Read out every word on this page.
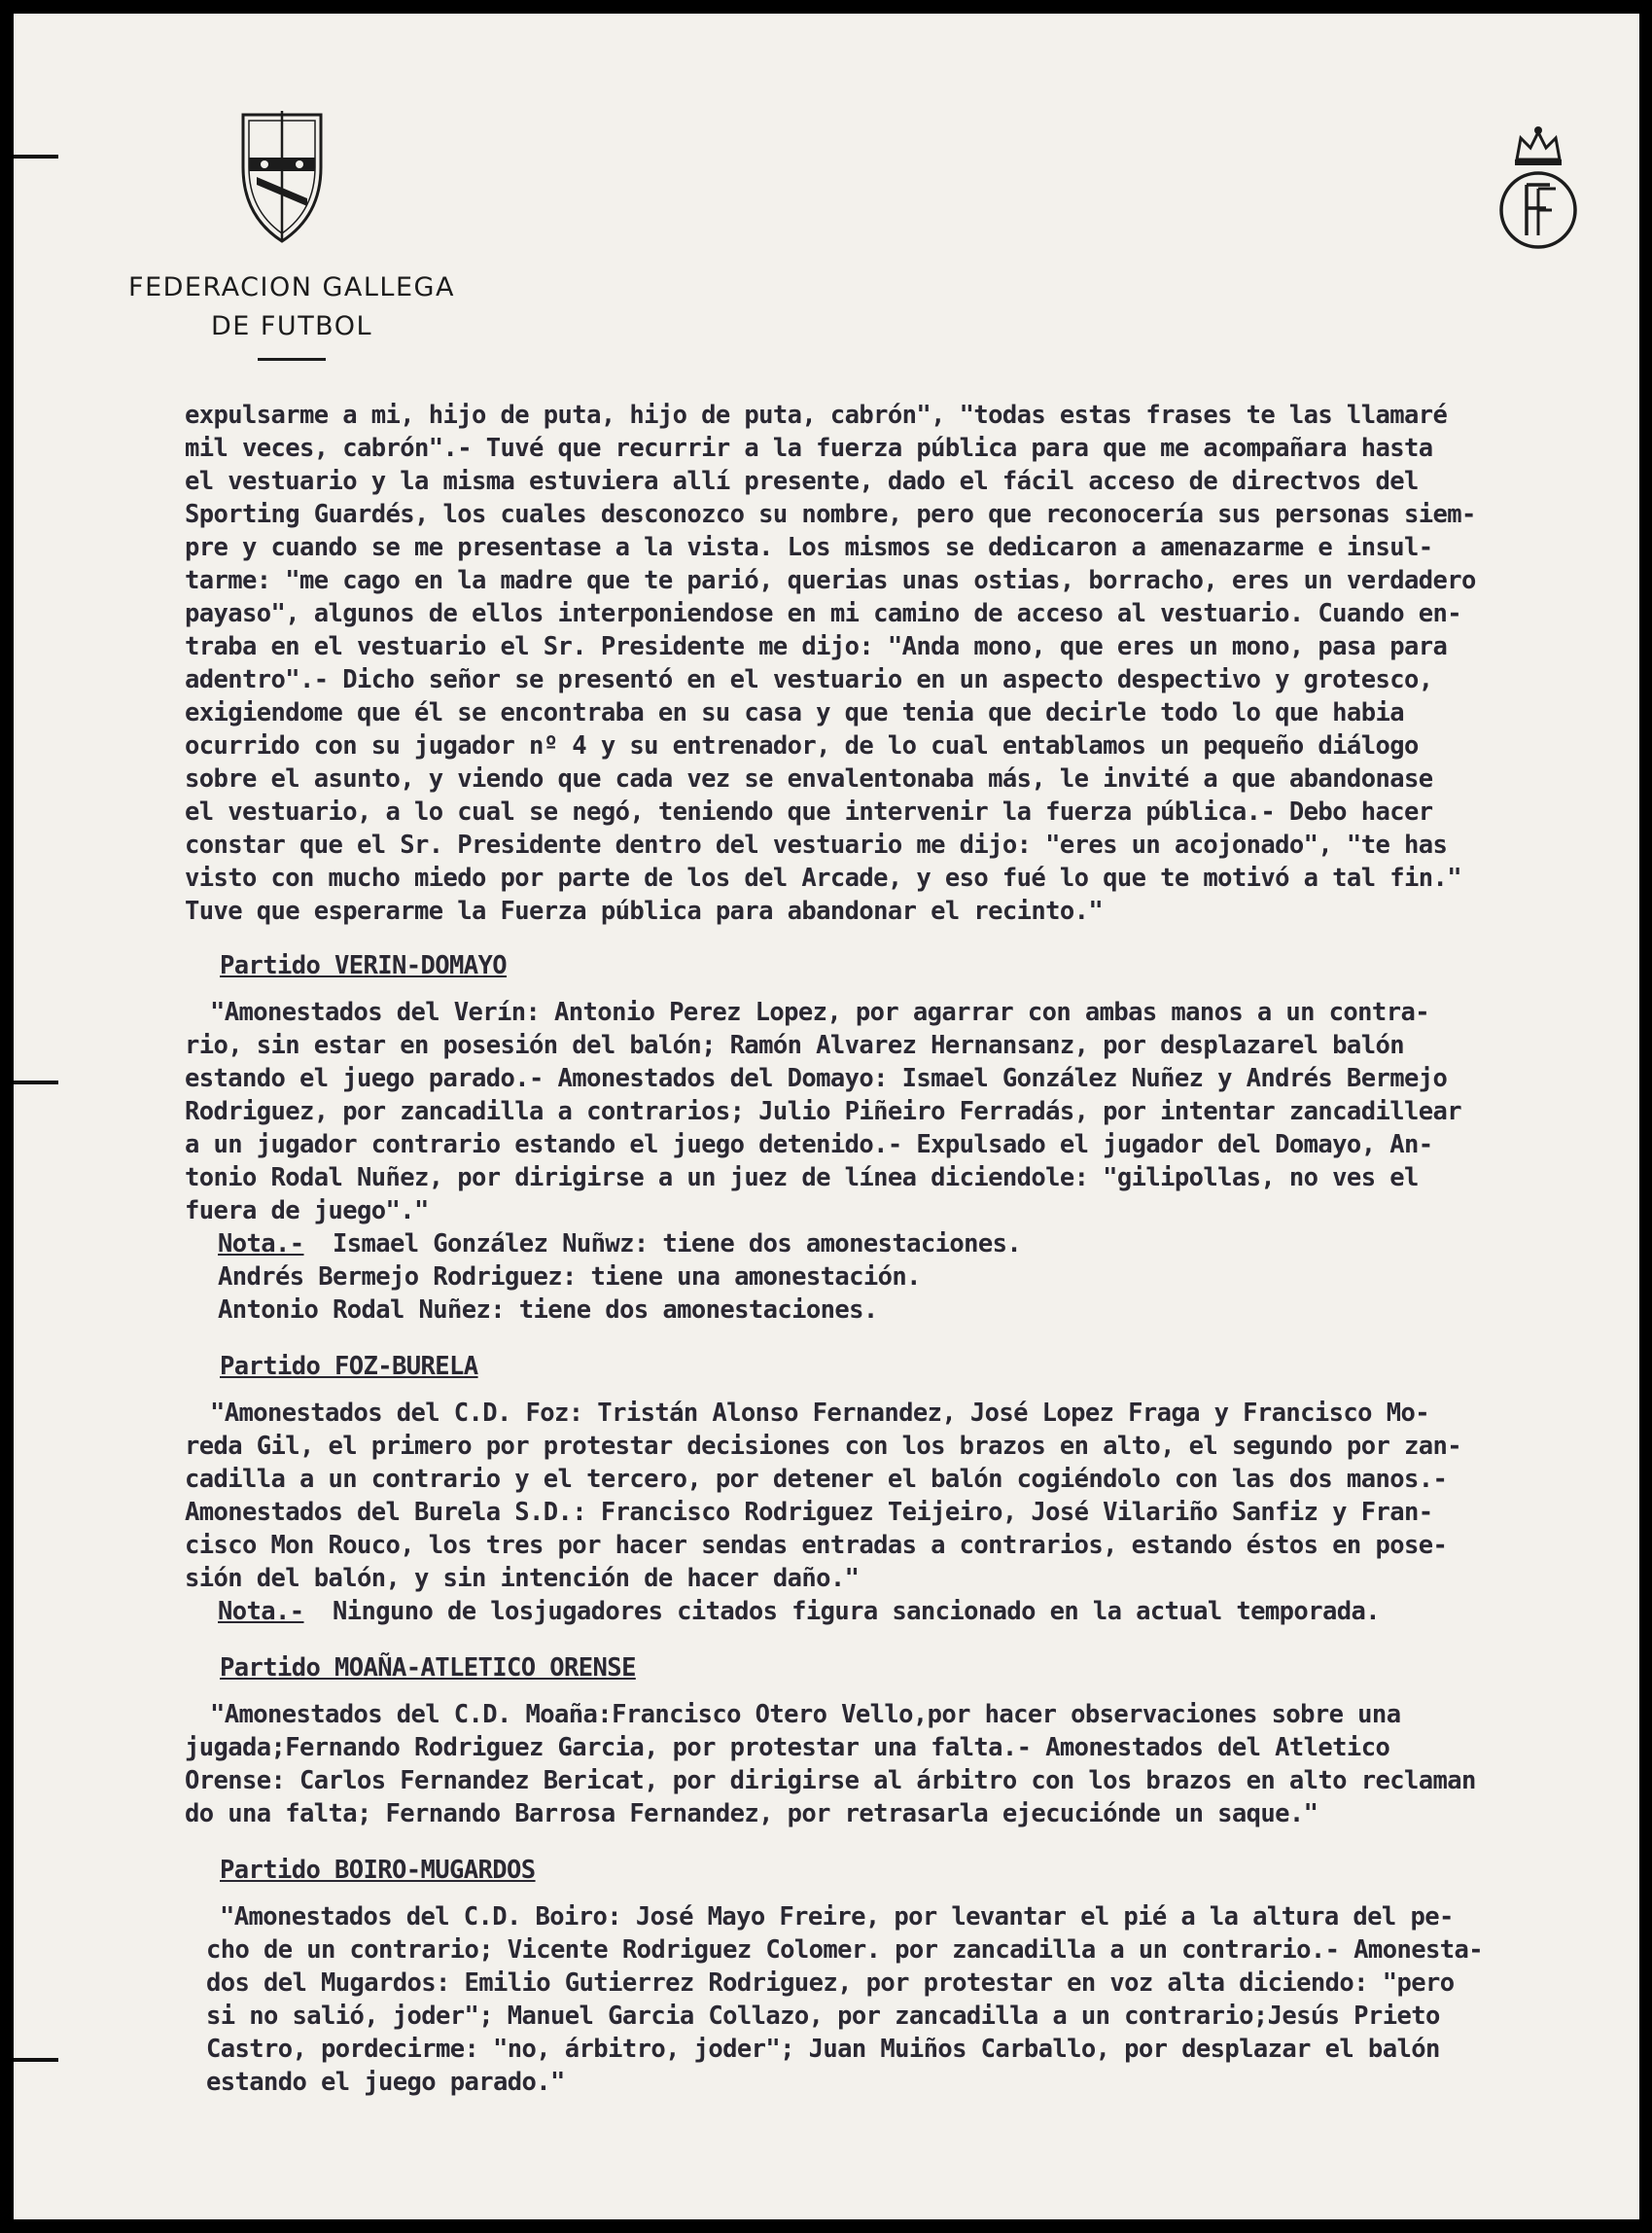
FEDERACION GALLEGA
DE FUTBOL
expulsarme a mi, hijo de puta, hijo de puta, cabrón", "todas estas frases te las llamaré
mil veces, cabrón".- Tuvé que recurrir a la fuerza pública para que me acompañara hasta
el vestuario y la misma estuviera allí presente, dado el fácil acceso de directvos del
Sporting Guardés, los cuales desconozco su nombre, pero que reconocería sus personas siem-
pre y cuando se me presentase a la vista. Los mismos se dedicaron a amenazarme e insul-
tarme: "me cago en la madre que te parió, querias unas ostias, borracho, eres un verdadero
payaso", algunos de ellos interponiendose en mi camino de acceso al vestuario. Cuando en-
traba en el vestuario el Sr. Presidente me dijo: "Anda mono, que eres un mono, pasa para
adentro".- Dicho señor se presentó en el vestuario en un aspecto despectivo y grotesco,
exigiendome que él se encontraba en su casa y que tenia que decirle todo lo que habia
ocurrido con su jugador nº 4 y su entrenador, de lo cual entablamos un pequeño diálogo
sobre el asunto, y viendo que cada vez se envalentonaba más, le invité a que abandonase
el vestuario, a lo cual se negó, teniendo que intervenir la fuerza pública.- Debo hacer
constar que el Sr. Presidente dentro del vestuario me dijo: "eres un acojonado", "te has
visto con mucho miedo por parte de los del Arcade, y eso fué lo que te motivó a tal fin."
Tuve que esperarme la Fuerza pública para abandonar el recinto."
Partido VERIN-DOMAYO
"Amonestados del Verín: Antonio Perez Lopez, por agarrar con ambas manos a un contra-
rio, sin estar en posesión del balón; Ramón Alvarez Hernansanz, por desplazarel balón
estando el juego parado.- Amonestados del Domayo: Ismael González Nuñez y Andrés Bermejo
Rodriguez, por zancadilla a contrarios; Julio Piñeiro Ferradás, por intentar zancadillear
a un jugador contrario estando el juego detenido.- Expulsado el jugador del Domayo, An-
tonio Rodal Nuñez, por dirigirse a un juez de línea diciendole: "gilipollas, no ves el
fuera de juego"."
Nota.- Ismael González Nuñwz: tiene dos amonestaciones.
Andrés Bermejo Rodriguez: tiene una amonestación.
Antonio Rodal Nuñez: tiene dos amonestaciones.
Partido FOZ-BURELA
"Amonestados del C.D. Foz: Tristán Alonso Fernandez, José Lopez Fraga y Francisco Mo-
reda Gil, el primero por protestar decisiones con los brazos en alto, el segundo por zan-
cadilla a un contrario y el tercero, por detener el balón cogiéndolo con las dos manos.-
Amonestados del Burela S.D.: Francisco Rodriguez Teijeiro, José Vilariño Sanfiz y Fran-
cisco Mon Rouco, los tres por hacer sendas entradas a contrarios, estando éstos en pose-
sión del balón, y sin intención de hacer daño."
Nota.- Ninguno de losjugadores citados figura sancionado en la actual temporada.
Partido MOAÑA-ATLETICO ORENSE
"Amonestados del C.D. Moaña:Francisco Otero Vello,por hacer observaciones sobre una
jugada;Fernando Rodriguez Garcia, por protestar una falta.- Amonestados del Atletico
Orense: Carlos Fernandez Bericat, por dirigirse al árbitro con los brazos en alto reclaman
do una falta; Fernando Barrosa Fernandez, por retrasarla ejecuciónde un saque."
Partido BOIRO-MUGARDOS
"Amonestados del C.D. Boiro: José Mayo Freire, por levantar el pié a la altura del pe-
cho de un contrario; Vicente Rodriguez Colomer. por zancadilla a un contrario.- Amonesta-
dos del Mugardos: Emilio Gutierrez Rodriguez, por protestar en voz alta diciendo: "pero
si no salió, joder"; Manuel Garcia Collazo, por zancadilla a un contrario;Jesús Prieto
Castro, pordecirme: "no, árbitro, joder"; Juan Muiños Carballo, por desplazar el balón
estando el juego parado."
